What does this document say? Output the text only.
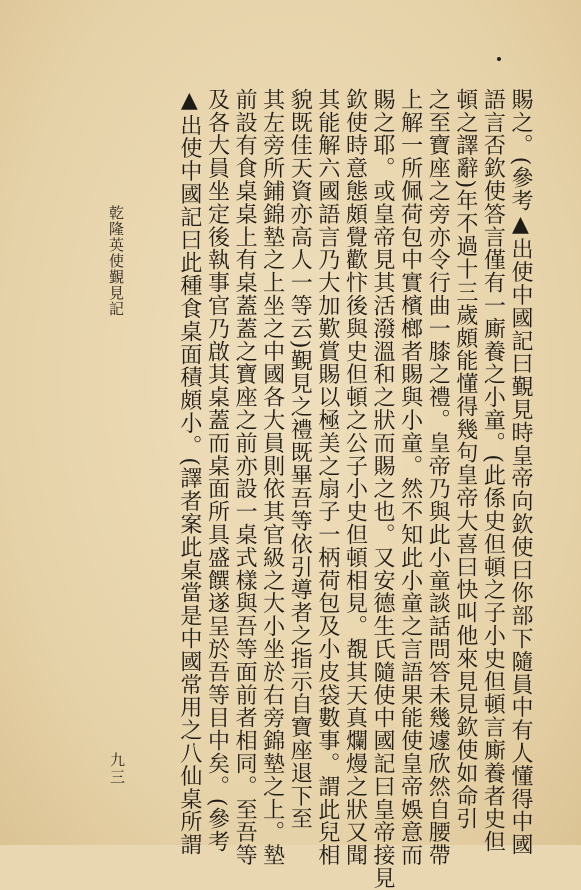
賜之。(參考▲出使中國記曰覲見時皇帝向欽使曰你部下隨員中有人懂得中國
語言否欽使答言僅有一廝養之小童。(此係史但頓之子小史但頓言廝養者史但
頓之譯辭)年不過十三歲頗能懂得幾句皇帝大喜曰快叫他來見見欽使如命引
之至寶座之旁亦令行曲一膝之禮。皇帝乃與此小童談話問答未幾遽欣然自腰帶
上解一所佩荷包中實檳榔者賜與小童。然不知此小童之言語果能使皇帝娛意而
賜之耶。或皇帝見其活潑溫和之狀而賜之也。又安德生氏隨使中國記曰皇帝接見
欽使時意態頗覺歡忭後與史但頓之公子小史但頓相見。覩其天真爛熳之狀又聞
其能解六國語言乃大加歎賞賜以極美之扇子一柄荷包及小皮袋數事。謂此兒相
貌既佳天資亦高人一等云)覲見之禮既畢吾等依引導者之指示自寶座退下至
其左旁所鋪錦墊之上坐之中國各大員則依其官級之大小坐於右旁錦墊之上。墊
前設有食桌桌上有桌蓋蓋之寶座之前亦設一桌式樣與吾等面前者相同。至吾等
及各大員坐定後執事官乃啟其桌蓋而桌面所具盛饌遂呈於吾等目中矣。(參考
▲出使中國記曰此種食桌面積頗小。(譯者案此桌當是中國常用之八仙桌所謂
乾隆英使覲見記
九三
